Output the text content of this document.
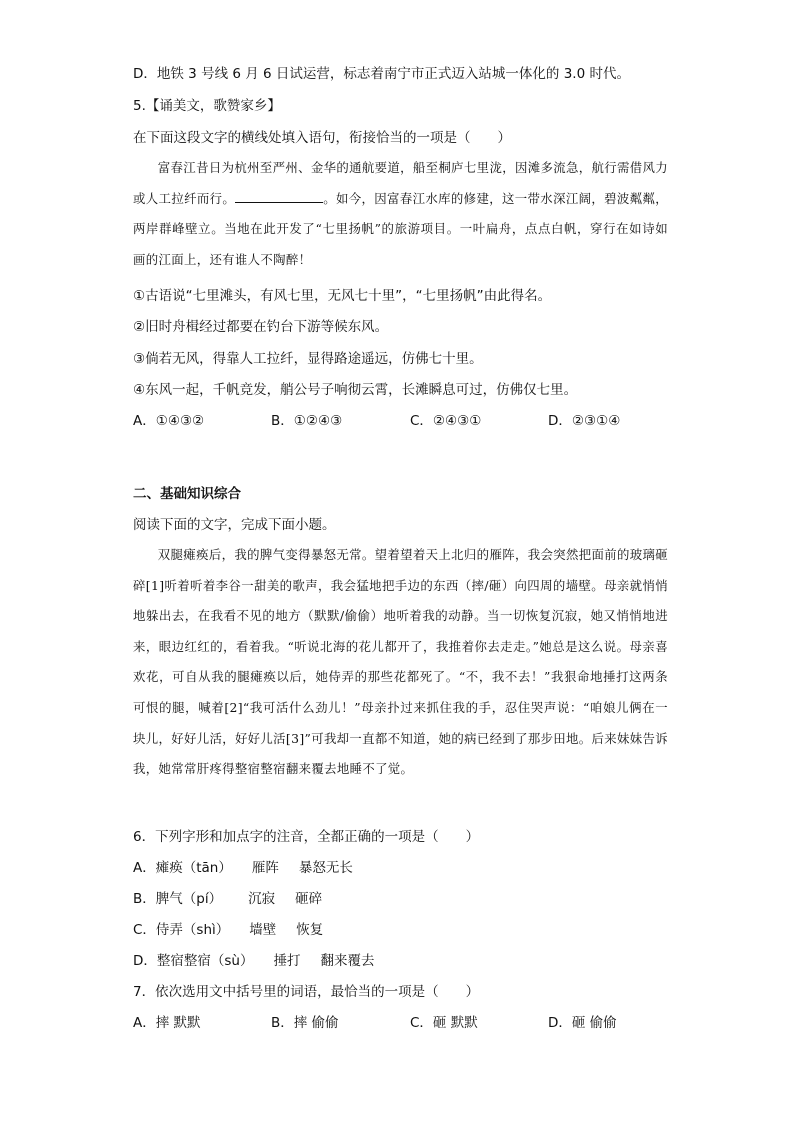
D．地铁 3 号线 6 月 6 日试运营，标志着南宁市正式迈入站城一体化的 3.0 时代。
5.【诵美文，歌赞家乡】
在下面这段文字的横线处填入语句，衔接恰当的一项是（　　）

富春江昔日为杭州至严州、金华的通航要道，船至桐庐七里泷，因滩多流急，航行需借风力或人工拉纤而行。	。如今，因富春江水库的修建，这一带水深江阔，碧波粼粼，两岸群峰壁立。当地在此开发了“七里扬帆”的旅游项目。一叶扁舟，点点白帆，穿行在如诗如画的江面上，还有谁人不陶醉！

①古语说“七里滩头，有风七里，无风七十里”，“七里扬帆”由此得名。
②旧时舟楫经过都要在钓台下游等候东风。
③倘若无风，得靠人工拉纤，显得路途遥远，仿佛七十里。
④东风一起，千帆竞发，艄公号子响彻云霄，长滩瞬息可过，仿佛仅七里。
A．①④③②	B．①②④③	C．②④③①	D．②③①④
二、基础知识综合
阅读下面的文字，完成下面小题。

双腿瘫痪后，我的脾气变得暴怒无常。望着望着天上北归的雁阵，我会突然把面前的玻璃砸碎[1]听着听着李谷一甜美的歌声，我会猛地把手边的东西（摔/砸）向四周的墙壁。母亲就悄悄地躲出去，在我看不见的地方（默默/偷偷）地听着我的动静。当一切恢复沉寂，她又悄悄地进来，眼边红红的，看着我。“听说北海的花儿都开了，我推着你去走走。”她总是这么说。母亲喜欢花，可自从我的腿瘫痪以后，她侍弄的那些花都死了。“不，我不去！”我狠命地捶打这两条可恨的腿，喊着[2]“我可活什么劲儿！”母亲扑过来抓住我的手，忍住哭声说：“咱娘儿俩在一块儿，好好儿活，好好儿活[3]”可我却一直都不知道，她的病已经到了那步田地。后来妹妹告诉我，她常常肝疼得整宿整宿翻来覆去地睡不了觉。

6．下列字形和加点字的注音，全都正确的一项是（　　）
A．瘫痪（tān） 雁阵 暴怒无长
B．脾气（pí） 沉寂 砸碎
C．侍弄（shì） 墙壁 恢复
D．整宿整宿（sù） 捶打 翻来覆去
7．依次选用文中括号里的词语，最恰当的一项是（　　）
A．摔 默默	B．摔 偷偷	C．砸 默默	D．砸 偷偷
